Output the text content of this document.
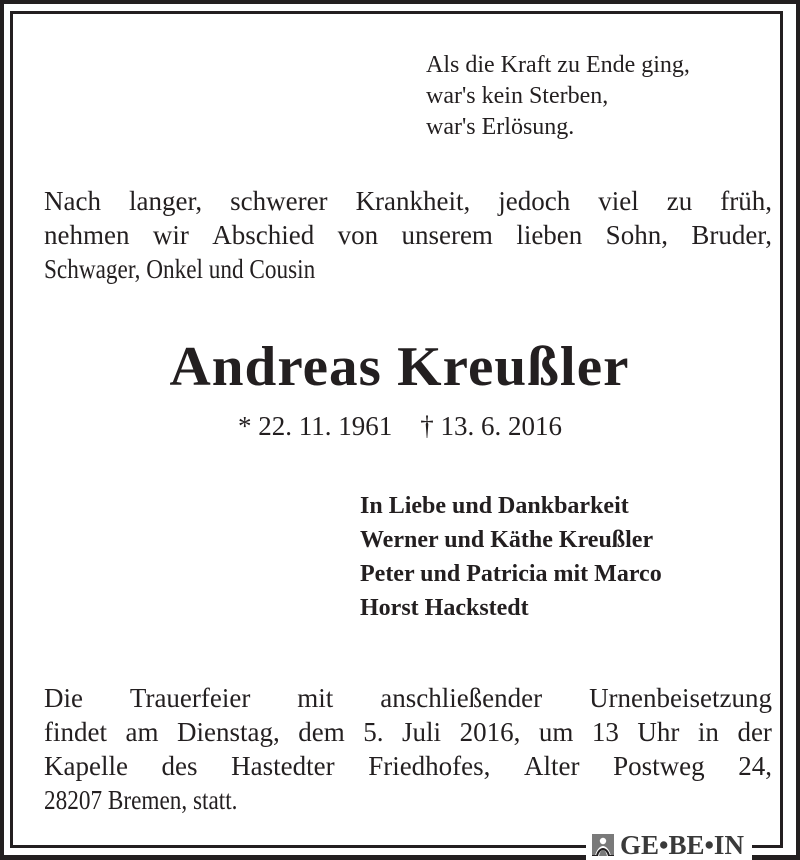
Als die Kraft zu Ende ging,
war's kein Sterben,
war's Erlösung.
Nach langer, schwerer Krankheit, jedoch viel zu früh,
nehmen wir Abschied von unserem lieben Sohn, Bruder,
Schwager, Onkel und Cousin
Andreas Kreußler
* 22. 11. 1961 † 13. 6. 2016
In Liebe und Dankbarkeit
Werner und Käthe Kreußler
Peter und Patricia mit Marco
Horst Hackstedt
Die Trauerfeier mit anschließender Urnenbeisetzung
findet am Dienstag, dem 5. Juli 2016, um 13 Uhr in der
Kapelle des Hastedter Friedhofes, Alter Postweg 24,
28207 Bremen, statt.
GE•BE•IN
